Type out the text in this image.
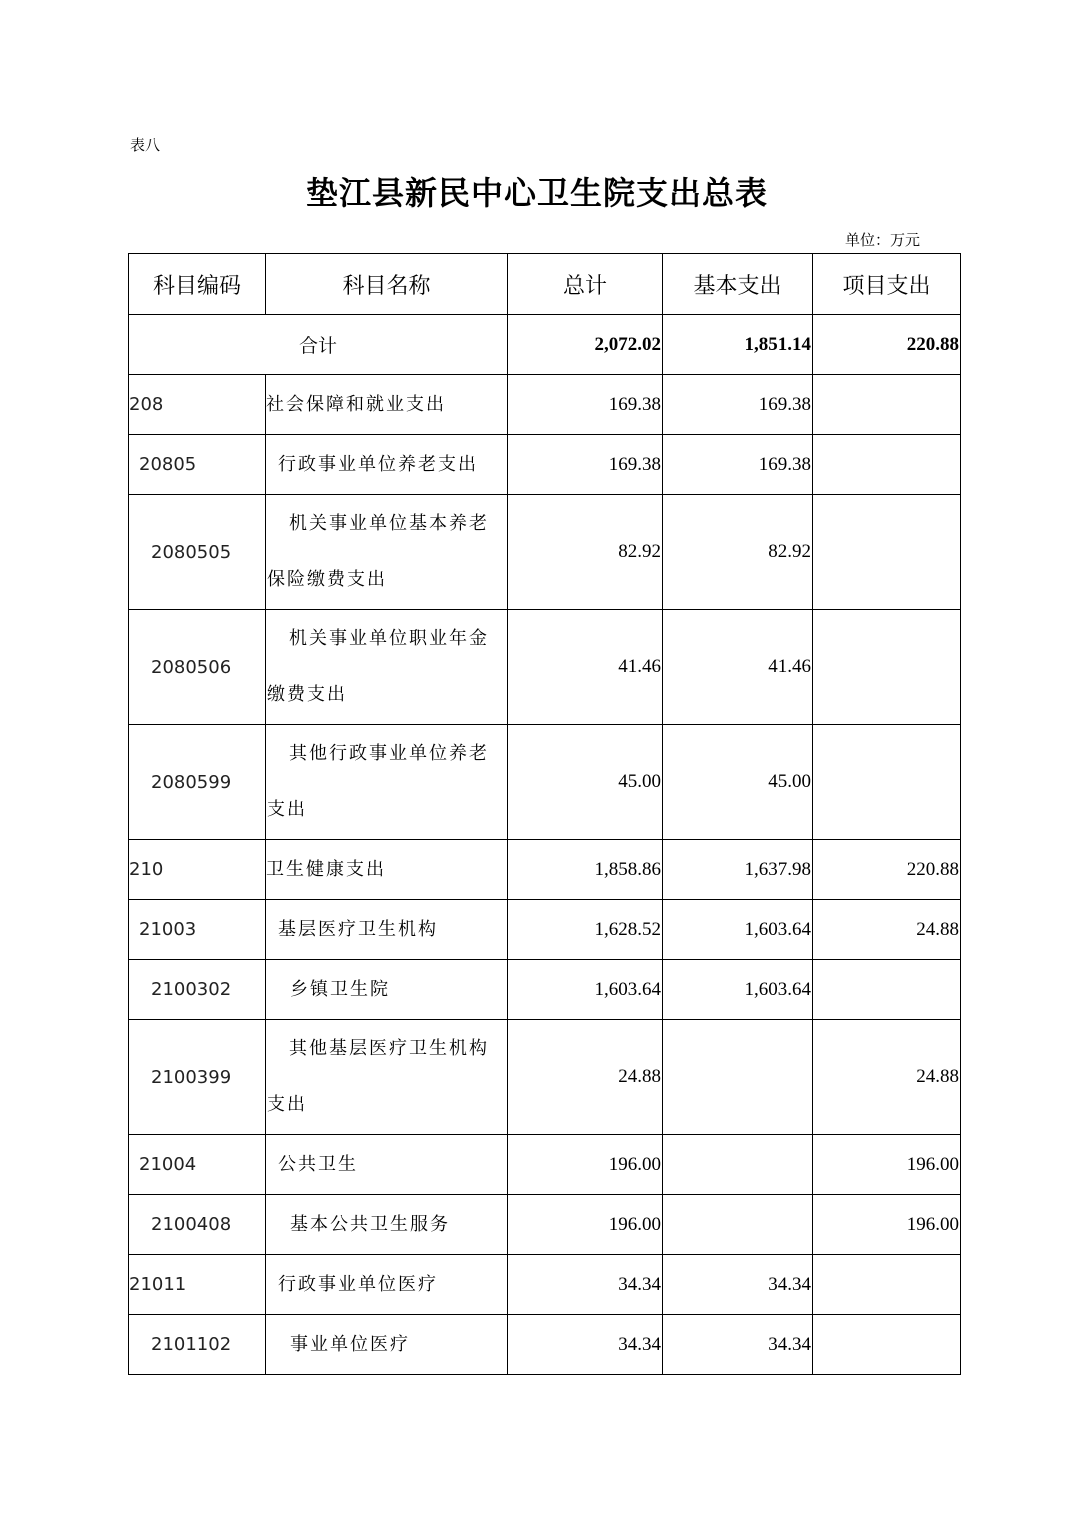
表八
垫江县新民中心卫生院支出总表
单位：万元
科目编码	科目名称	总计	基本支出	项目支出
合计		2,072.02	1,851.14	220.88
208	社会保障和就业支出	169.38	169.38	
20805	行政事业单位养老支出	169.38	169.38	
2080505	机关事业单位基本养老保险缴费支出	82.92	82.92	
2080506	机关事业单位职业年金缴费支出	41.46	41.46	
2080599	其他行政事业单位养老支出	45.00	45.00	
210	卫生健康支出	1,858.86	1,637.98	220.88
21003	基层医疗卫生机构	1,628.52	1,603.64	24.88
2100302	乡镇卫生院	1,603.64	1,603.64	
2100399	其他基层医疗卫生机构支出	24.88		24.88
21004	公共卫生	196.00		196.00
2100408	基本公共卫生服务	196.00		196.00
21011	行政事业单位医疗	34.34	34.34	
2101102	事业单位医疗	34.34	34.34	
